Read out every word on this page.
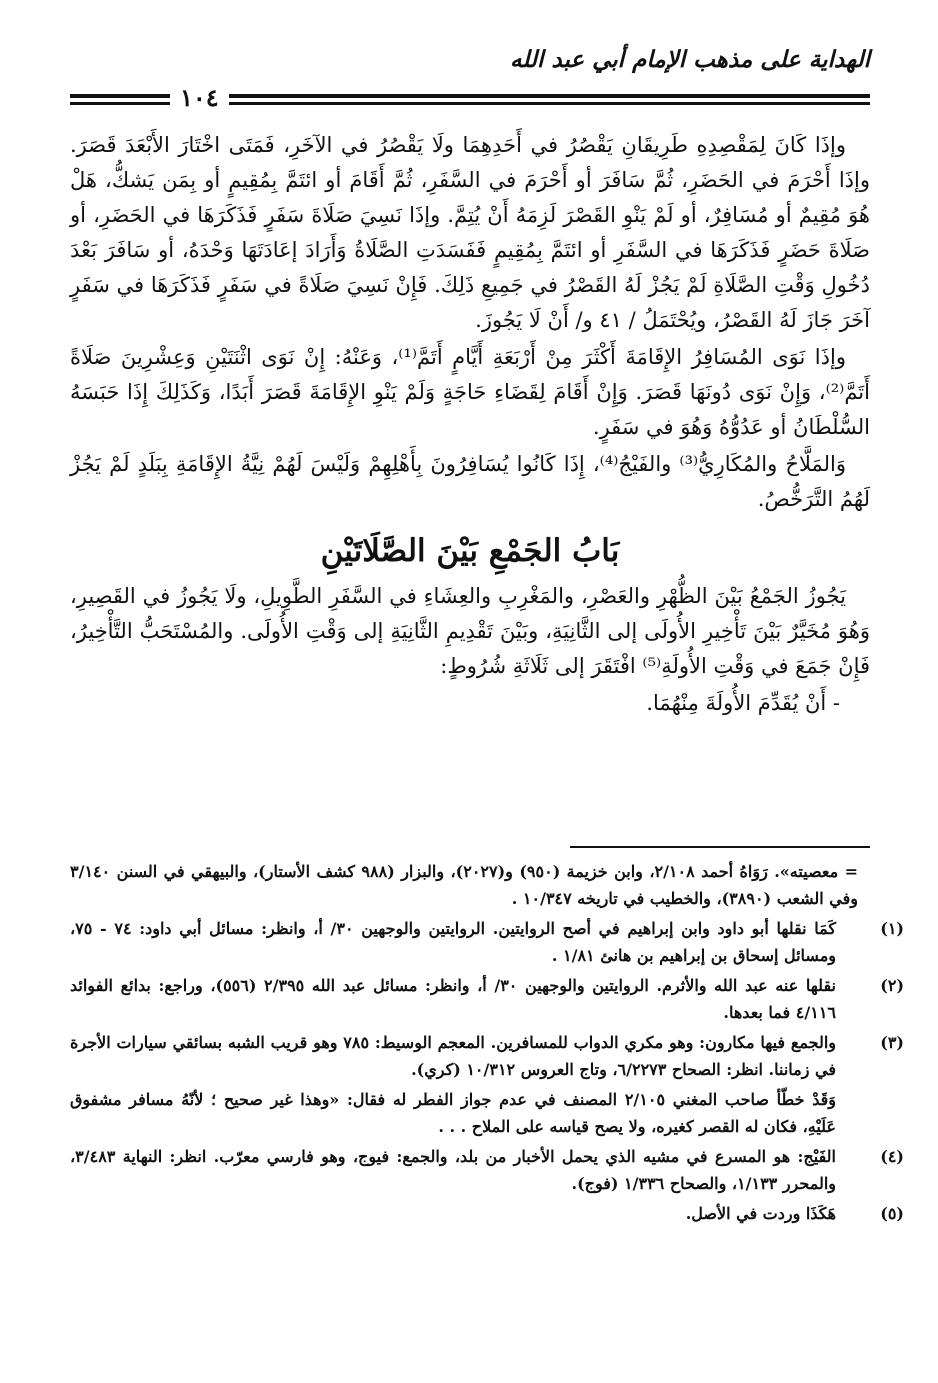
الهداية على مذهب الإمام أبي عبد الله
١٠٤

وإذَا كَانَ لِمَقْصِدِهِ طَرِيقَانِ يَقْصُرُ في أَحَدِهِمَا ولَا يَقْصُرُ في الآخَرِ، فَمَتَى اخْتَارَ الأَبْعَدَ قَصَرَ. وإذَا أَحْرَمَ في الحَضَرِ، ثُمَّ سَافَرَ أو أَحْرَمَ في السَّفَرِ، ثُمَّ أَقَامَ أو ائتَمَّ بِمُقِيمٍ أو بِمَن يَشكُّ، هَلْ هُوَ مُقِيمٌ أو مُسَافِرٌ، أو لَمْ يَنْوِ القَصْرَ لَزِمَهُ أَنْ يُتِمَّ. وإذَا نَسِيَ صَلَاةَ سَفَرٍ فَذَكَرَهَا في الحَضَرِ، أو صَلَاةَ حَضَرٍ فَذَكَرَهَا في السَّفَرِ أو ائتَمَّ بِمُقِيمٍ فَفَسَدَتِ الصَّلَاةُ وَأَرَادَ إعَادَتَهَا وَحْدَهُ، أو سَافَرَ بَعْدَ دُخُولِ وَقْتِ الصَّلَاةِ لَمْ يَجُزْ لَهُ القَصْرُ في جَمِيعِ ذَلِكَ. فَإِنْ نَسِيَ صَلَاةً في سَفَرٍ فَذَكَرَهَا في سَفَرٍ آخَرَ جَازَ لَهُ القَصْرُ، ويُحْتَمَلُ / ٤١ و/ أَنْ لَا يَجُوزَ.

وإذَا نَوَى المُسَافِرُ الإِقَامَةَ أَكْثَرَ مِنْ أَرْبَعَةِ أَيَّامٍ أَتَمَّ⁽¹⁾، وَعَنْهُ: إِنْ نَوَى اثْنَتَيْنِ وَعِشْرِينَ صَلَاةً أَتَمَّ⁽²⁾، وَإِنْ نَوَى دُونَهَا قَصَرَ. وَإِنْ أَقَامَ لِقَضَاءِ حَاجَةٍ وَلَمْ يَنْوِ الإِقَامَةَ قَصَرَ أَبَدًا، وَكَذَلِكَ إِذَا حَبَسَهُ السُّلْطَانُ أو عَدُوُّهُ وَهُوَ في سَفَرٍ.

وَالمَلَّاحُ والمُكَارِيُّ⁽³⁾ والفَيْجُ⁽⁴⁾، إِذَا كَانُوا يُسَافِرُونَ بِأَهْلِهِمْ وَلَيْسَ لَهُمْ نِيَّةُ الإِقَامَةِ بِبَلَدٍ لَمْ يَجُزْ لَهُمُ التَّرَخُّصُ.

بَابُ الجَمْعِ بَيْنَ الصَّلَاتَيْنِ

يَجُوزُ الجَمْعُ بَيْنَ الظُّهْرِ والعَصْرِ، والمَغْرِبِ والعِشَاءِ في السَّفَرِ الطَّوِيلِ، ولَا يَجُوزُ في القَصِيرِ، وَهُوَ مُخَيَّرٌ بَيْنَ تَأْخِيرِ الأُولَى إلى الثَّانِيَةِ، وبَيْنَ تَقْدِيمِ الثَّانِيَةِ إلى وَقْتِ الأُولَى. والمُسْتَحَبُّ التَّأْخِيرُ، فَإِنْ جَمَعَ في وَقْتِ الأُولَةِ⁽⁵⁾ افْتَقَرَ إلى ثَلَاثَةِ شُرُوطٍ:

- أَنْ يُقَدِّمَ الأُولَةَ مِنْهُمَا.

= معصيته». رَوَاهُ أحمد ٢/١٠٨، وابن خزيمة (٩٥٠) و(٢٠٢٧)، والبزار (٩٨٨ كشف الأستار)، والبيهقي في السنن ٣/١٤٠ وفي الشعب (٣٨٩٠)، والخطيب في تاريخه ١٠/٣٤٧ .

(١)كَمَا نقلها أبو داود وابن إبراهيم في أصح الروايتين. الروايتين والوجهين ٣٠/ أ، وانظر: مسائل أبي داود: ٧٤ - ٧٥، ومسائل إسحاق بن إبراهيم بن هانئ ١/٨١ .

(٢)نقلها عنه عبد الله والأثرم. الروايتين والوجهين ٣٠/ أ، وانظر: مسائل عبد الله ٢/٣٩٥ (٥٥٦)، وراجع: بدائع الفوائد ٤/١١٦ فما بعدها.

(٣)والجمع فيها مكارون: وهو مكري الدواب للمسافرين. المعجم الوسيط: ٧٨٥ وهو قريب الشبه بسائقي سيارات الأجرة في زماننا. انظر: الصحاح ٦/٢٢٧٣، وتاج العروس ١٠/٣١٢ (كري).

وَقَدْ خطّأ صاحب المغني ٢/١٠٥ المصنف في عدم جواز الفطر له فقال: «وهذا غير صحيح ؛ لأنّهُ مسافر مشفوق عَلَيْهِ، فكان له القصر كغيره، ولا يصح قياسه على الملاح . . .

(٤)الفَيْج: هو المسرع في مشيه الذي يحمل الأخبار من بلد، والجمع: فيوج، وهو فارسي معرّب. انظر: النهاية ٣/٤٨٣، والمحرر ١/١٣٣، والصحاح ١/٣٣٦ (فوج).

(٥)هَكَذَا وردت في الأصل.
